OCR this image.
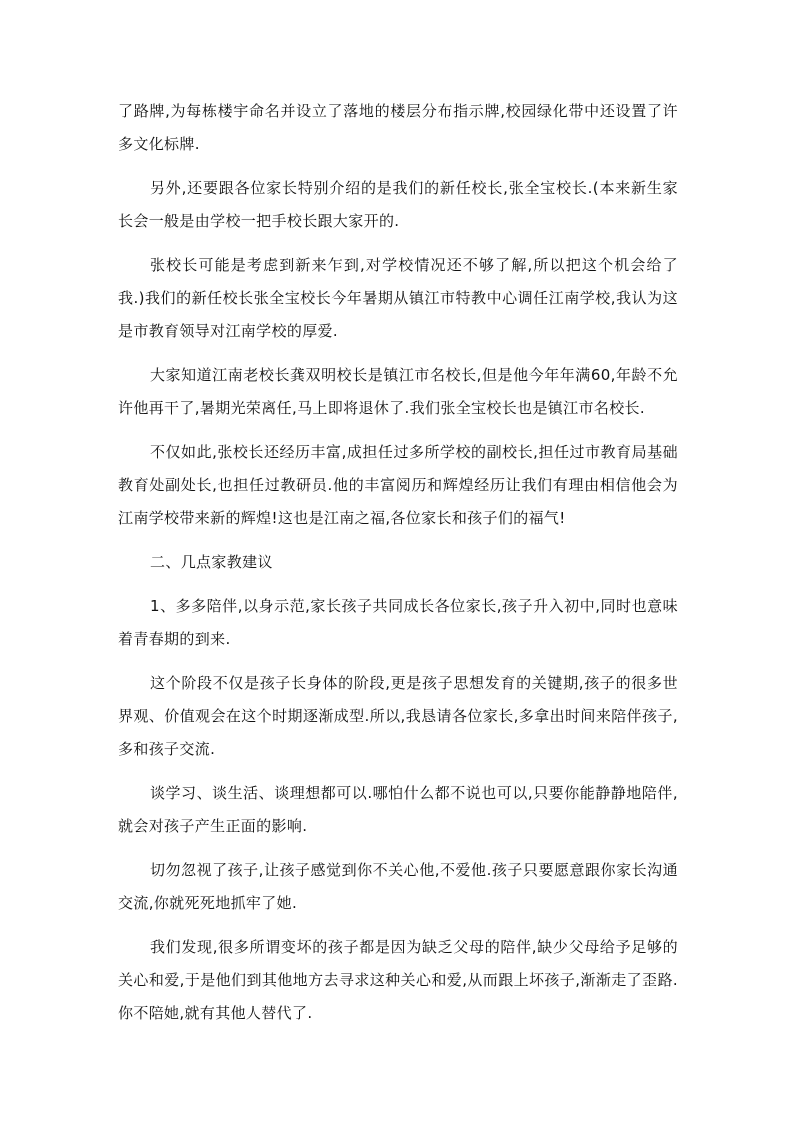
了路牌,为每栋楼宇命名并设立了落地的楼层分布指示牌,校园绿化带中还设置了许多文化标牌.

另外,还要跟各位家长特别介绍的是我们的新任校长,张全宝校长.(本来新生家长会一般是由学校一把手校长跟大家开的.

张校长可能是考虑到新来乍到,对学校情况还不够了解,所以把这个机会给了我.)我们的新任校长张全宝校长今年暑期从镇江市特教中心调任江南学校,我认为这是市教育领导对江南学校的厚爱.

大家知道江南老校长龚双明校长是镇江市名校长,但是他今年年满60,年龄不允许他再干了,暑期光荣离任,马上即将退休了.我们张全宝校长也是镇江市名校长.

不仅如此,张校长还经历丰富,成担任过多所学校的副校长,担任过市教育局基础教育处副处长,也担任过教研员.他的丰富阅历和辉煌经历让我们有理由相信他会为江南学校带来新的辉煌!这也是江南之福,各位家长和孩子们的福气!

二、几点家教建议

1、多多陪伴,以身示范,家长孩子共同成长各位家长,孩子升入初中,同时也意味着青春期的到来.

这个阶段不仅是孩子长身体的阶段,更是孩子思想发育的关键期,孩子的很多世界观、价值观会在这个时期逐渐成型.所以,我恳请各位家长,多拿出时间来陪伴孩子,多和孩子交流.

谈学习、谈生活、谈理想都可以.哪怕什么都不说也可以,只要你能静静地陪伴,就会对孩子产生正面的影响.

切勿忽视了孩子,让孩子感觉到你不关心他,不爱他.孩子只要愿意跟你家长沟通交流,你就死死地抓牢了她.

我们发现,很多所谓变坏的孩子都是因为缺乏父母的陪伴,缺少父母给予足够的关心和爱,于是他们到其他地方去寻求这种关心和爱,从而跟上坏孩子,渐渐走了歪路.你不陪她,就有其他人替代了.
